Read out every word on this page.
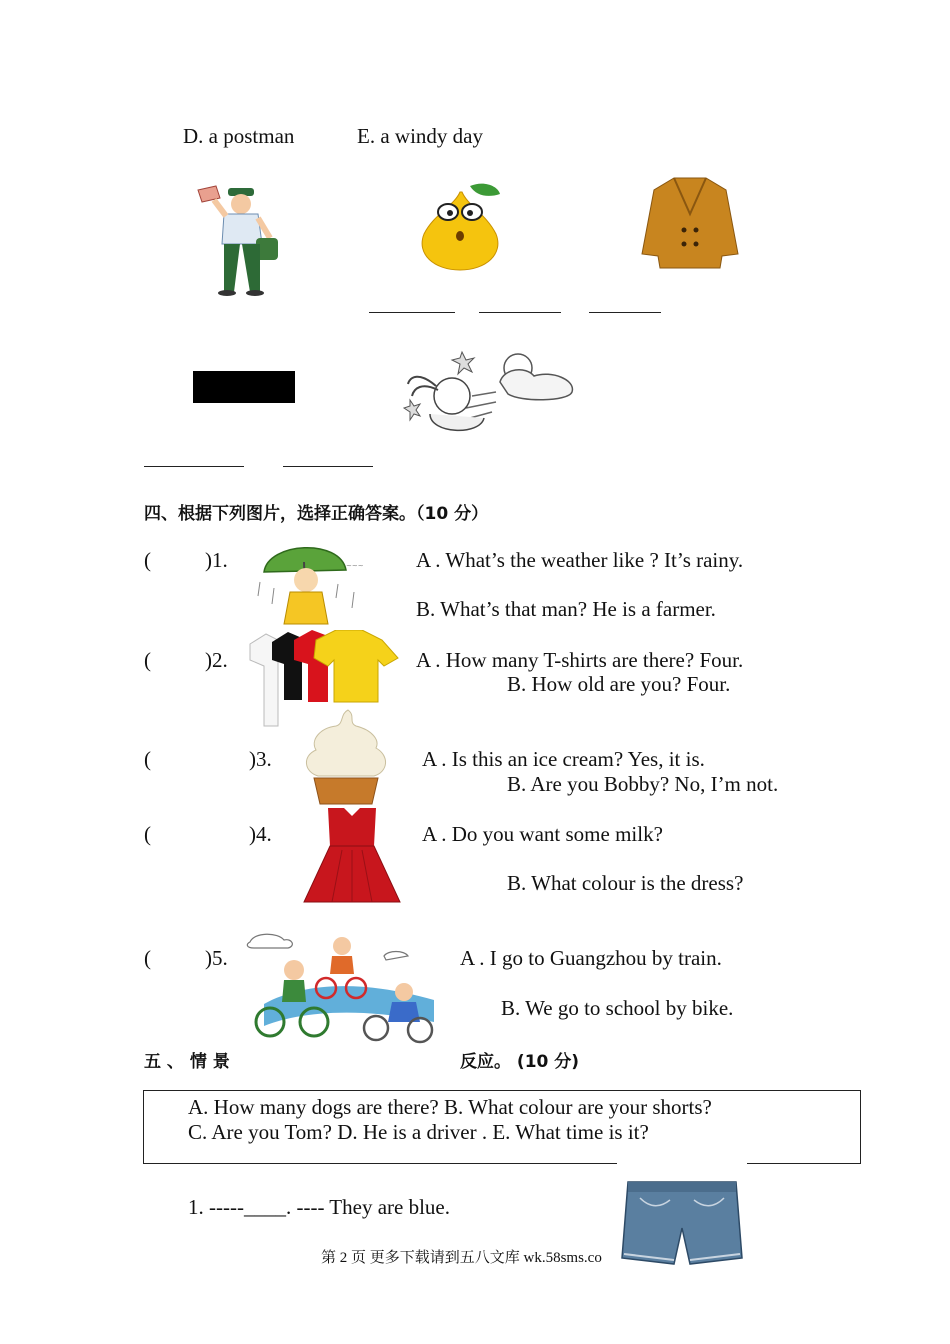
D. a postman	E. a windy day
四、根据下列图片，选择正确答案。（10 分）
(	)1.	~~~ A . What’s the weather like ? It’s rainy.
B. What’s that man? He is a farmer.
(	)2.	A . How many T-shirts are there? Four.
B. How old are you? Four.
(	)3.	A . Is this an ice cream? Yes, it is.
B. Are you Bobby? No, I’m not.
(	)4.	A . Do you want some milk?
B. What colour is the dress?
(	)5.	A . I go to Guangzhou by train.
B. We go to school by bike.
五 、 情 景	反应。 (10 分)
A. How many dogs are there? B. What colour are your shorts?
C. Are you Tom? D. He is a driver . E. What time is it?
1. -----____. ---- They are blue.
第 2 页 更多下载请到五八文库 wk.58sms.co
